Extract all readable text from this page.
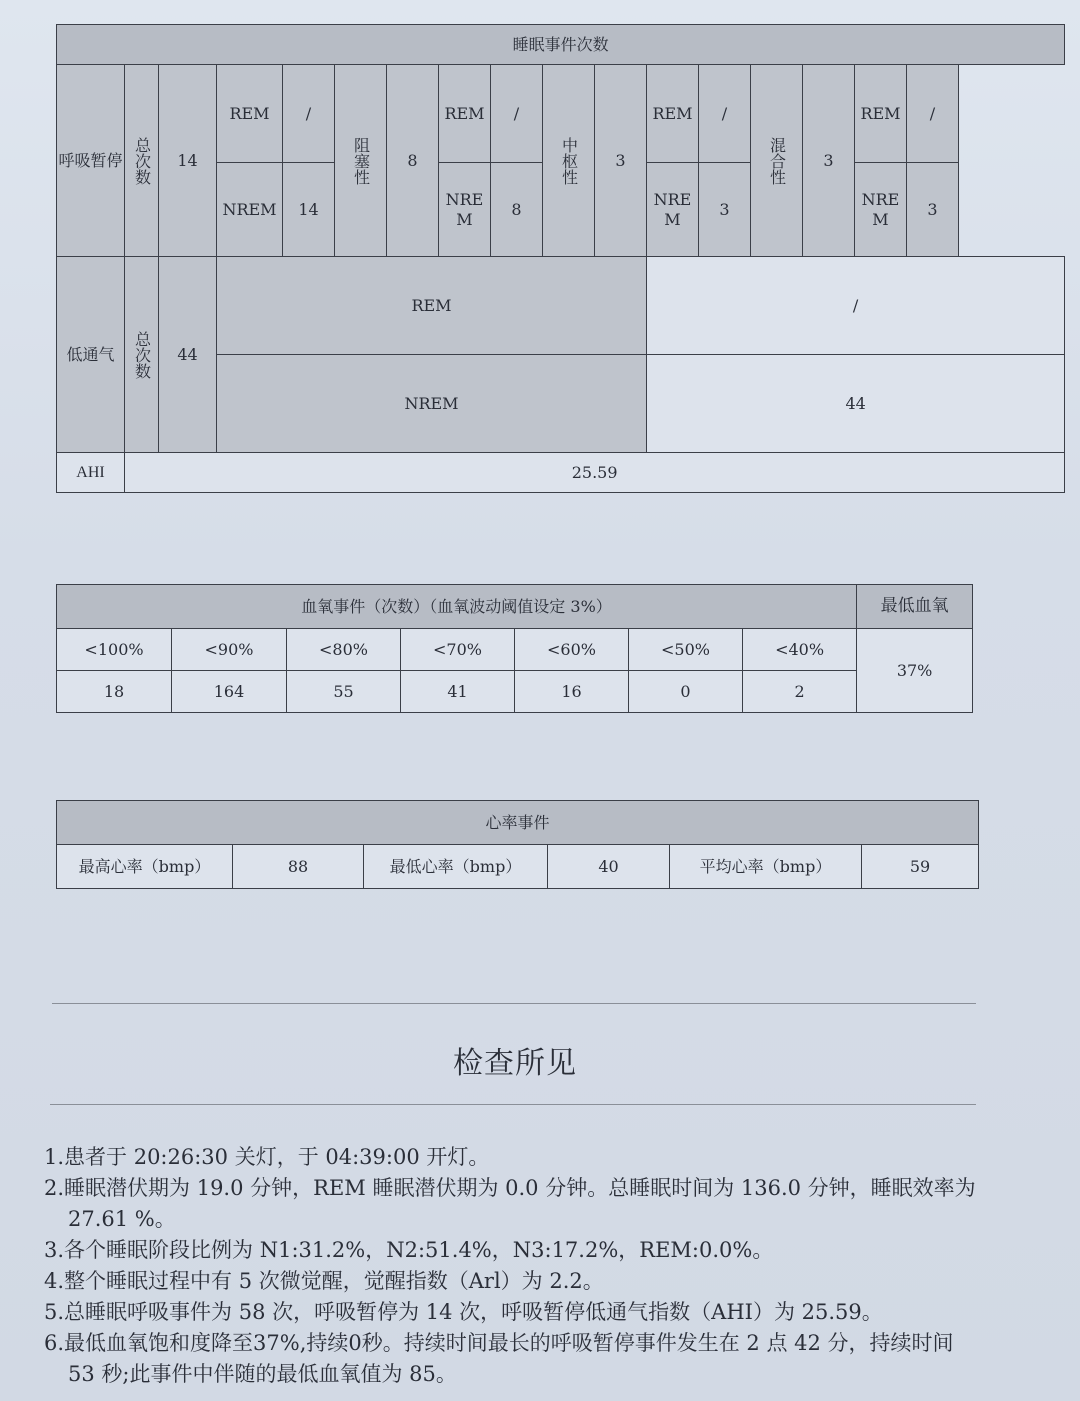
睡眠事件次数																
呼吸暂停	总次数	14	REM	/	阻塞性	8	REM	/	中枢性	3	REM	/	混合性	3	REM	/
			NREM	14			NREM	8			NREM	3			NREM	3
低通气	总次数	44	REM								/					
			NREM								44					
AHI	25.59															
血氧事件（次数）（血氧波动阈值设定 3%）							最低血氧
<100%	<90%	<80%	<70%	<60%	<50%	<40%	37%
18	164	55	41	16	0	2	
心率事件
最高心率（bmp）	88	最低心率（bmp）	40	平均心率（bmp）	59
检查所见
1.患者于 20:26:30 关灯，于 04:39:00 开灯。
2.睡眠潜伏期为 19.0 分钟，REM 睡眠潜伏期为 0.0 分钟。总睡眠时间为 136.0 分钟，睡眠效率为 27.61 %。
3.各个睡眠阶段比例为 N1:31.2%，N2:51.4%，N3:17.2%，REM:0.0%。
4.整个睡眠过程中有 5 次微觉醒，觉醒指数（Arl）为 2.2。
5.总睡眠呼吸事件为 58 次，呼吸暂停为 14 次，呼吸暂停低通气指数（AHI）为 25.59。
6.最低血氧饱和度降至37%,持续0秒。持续时间最长的呼吸暂停事件发生在 2 点 42 分，持续时间 53 秒;此事件中伴随的最低血氧值为 85。
